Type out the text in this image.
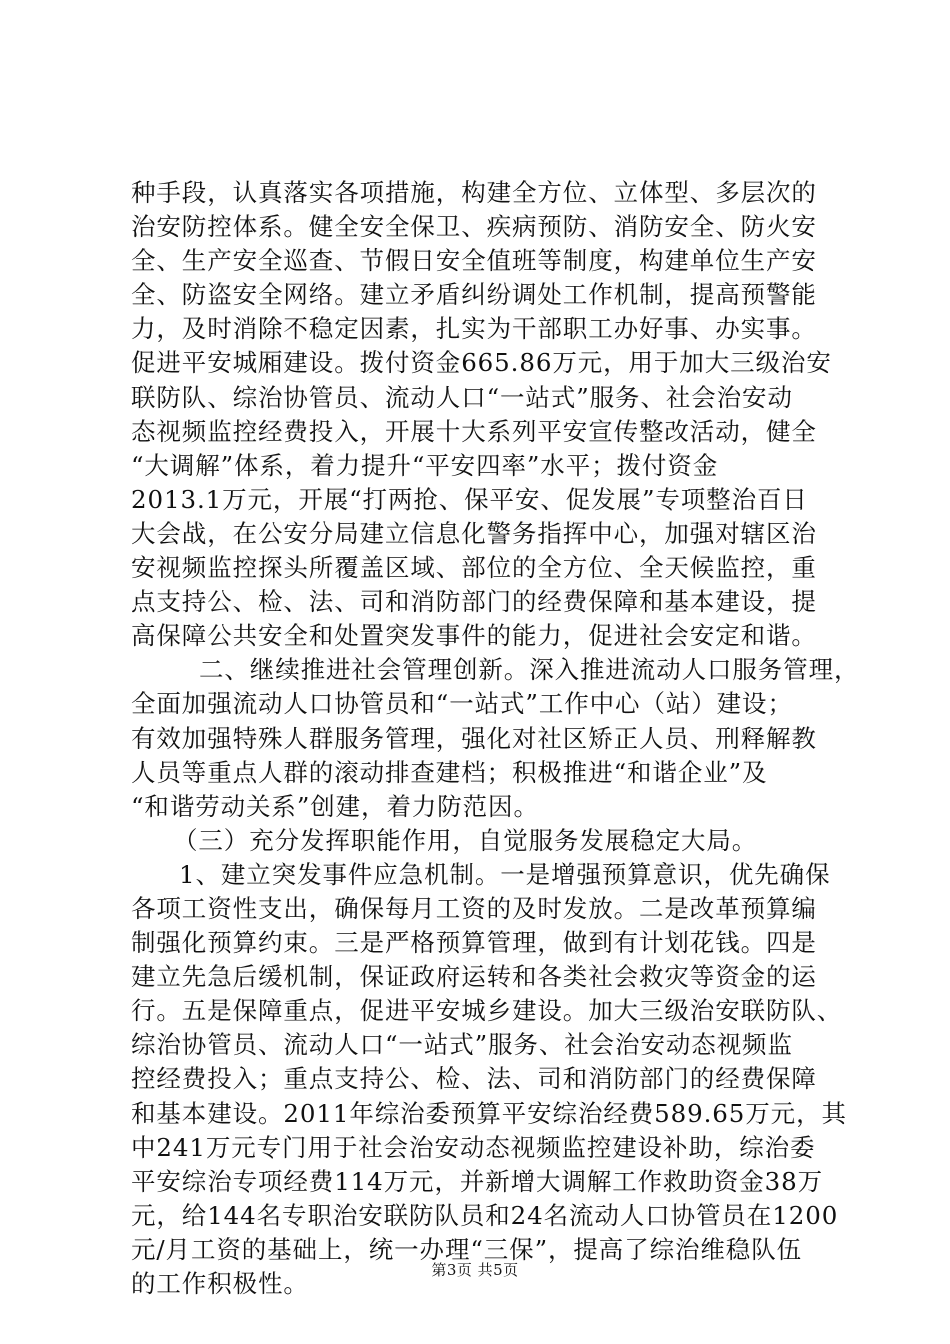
种手段，认真落实各项措施，构建全方位、立体型、多层次的
治安防控体系。健全安全保卫、疾病预防、消防安全、防火安
全、生产安全巡查、节假日安全值班等制度，构建单位生产安
全、防盗安全网络。建立矛盾纠纷调处工作机制，提高预警能
力，及时消除不稳定因素，扎实为干部职工办好事、办实事。
促进平安城厢建设。拨付资金665.86万元，用于加大三级治安
联防队、综治协管员、流动人口“一站式”服务、社会治安动
态视频监控经费投入，开展十大系列平安宣传整改活动，健全
“大调解”体系，着力提升“平安四率”水平；拨付资金
2013.1万元，开展“打两抢、保平安、促发展”专项整治百日
大会战，在公安分局建立信息化警务指挥中心，加强对辖区治
安视频监控探头所覆盖区域、部位的全方位、全天候监控，重
点支持公、检、法、司和消防部门的经费保障和基本建设，提
高保障公共安全和处置突发事件的能力，促进社会安定和谐。
二、继续推进社会管理创新。深入推进流动人口服务管理，
全面加强流动人口协管员和“一站式”工作中心（站）建设；
有效加强特殊人群服务管理，强化对社区矫正人员、刑释解教
人员等重点人群的滚动排查建档；积极推进“和谐企业”及
“和谐劳动关系”创建，着力防范因。
（三）充分发挥职能作用，自觉服务发展稳定大局。
1、建立突发事件应急机制。一是增强预算意识，优先确保
各项工资性支出，确保每月工资的及时发放。二是改革预算编
制强化预算约束。三是严格预算管理，做到有计划花钱。四是
建立先急后缓机制，保证政府运转和各类社会救灾等资金的运
行。五是保障重点，促进平安城乡建设。加大三级治安联防队、
综治协管员、流动人口“一站式”服务、社会治安动态视频监
控经费投入；重点支持公、检、法、司和消防部门的经费保障
和基本建设。2011年综治委预算平安综治经费589.65万元，其
中241万元专门用于社会治安动态视频监控建设补助，综治委
平安综治专项经费114万元，并新增大调解工作救助资金38万
元，给144名专职治安联防队员和24名流动人口协管员在1200
元/月工资的基础上，统一办理“三保”，提高了综治维稳队伍
的工作积极性。	第3页 共5页
